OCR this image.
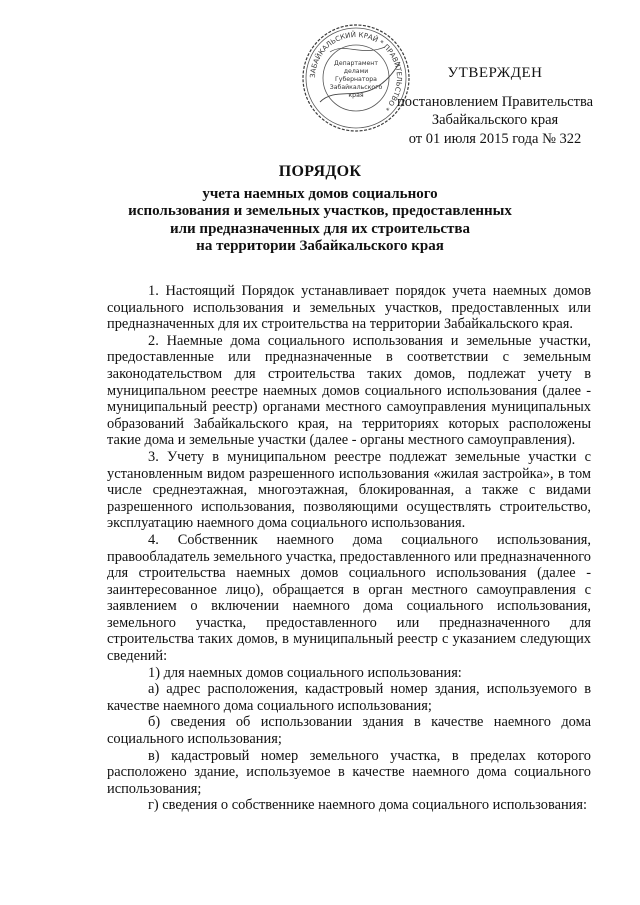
ЗАБАЙКАЛЬСКИЙ КРАЙ * ПРАВИТЕЛЬСТВО *
Департамент
делами
Губернатора
Забайкальского
края
УТВЕРЖДЕН
постановлением Правительства
Забайкальского края
от 01 июля 2015 года № 322
ПОРЯДОК
учета наемных домов социального
использования и земельных участков, предоставленных
или предназначенных для их строительства
на территории Забайкальского края

1. Настоящий Порядок устанавливает порядок учета наемных домов социального использования и земельных участков, предоставленных или предназначенных для их строительства на территории Забайкальского края.

2. Наемные дома социального использования и земельные участки, предоставленные или предназначенные в соответствии с земельным законодательством для строительства таких домов, подлежат учету в муниципальном реестре наемных домов социального использования (далее - муниципальный реестр) органами местного самоуправления муниципальных образований Забайкальского края, на территориях которых расположены такие дома и земельные участки (далее - органы местного самоуправления).

3. Учету в муниципальном реестре подлежат земельные участки с установленным видом разрешенного использования «жилая застройка», в том числе среднеэтажная, многоэтажная, блокированная, а также с видами разрешенного использования, позволяющими осуществлять строительство, эксплуатацию наемного дома социального использования.

4. Собственник наемного дома социального использования, правообладатель земельного участка, предоставленного или предназначенного для строительства наемных домов социального использования (далее - заинтересованное лицо), обращается в орган местного самоуправления с заявлением о включении наемного дома социального использования, земельного участка, предоставленного или предназначенного для строительства таких домов, в муниципальный реестр с указанием следующих сведений:

1) для наемных домов социального использования:

а) адрес расположения, кадастровый номер здания, используемого в качестве наемного дома социального использования;

б) сведения об использовании здания в качестве наемного дома социального использования;

в) кадастровый номер земельного участка, в пределах которого расположено здание, используемое в качестве наемного дома социального использования;

г) сведения о собственнике наемного дома социального использования:
